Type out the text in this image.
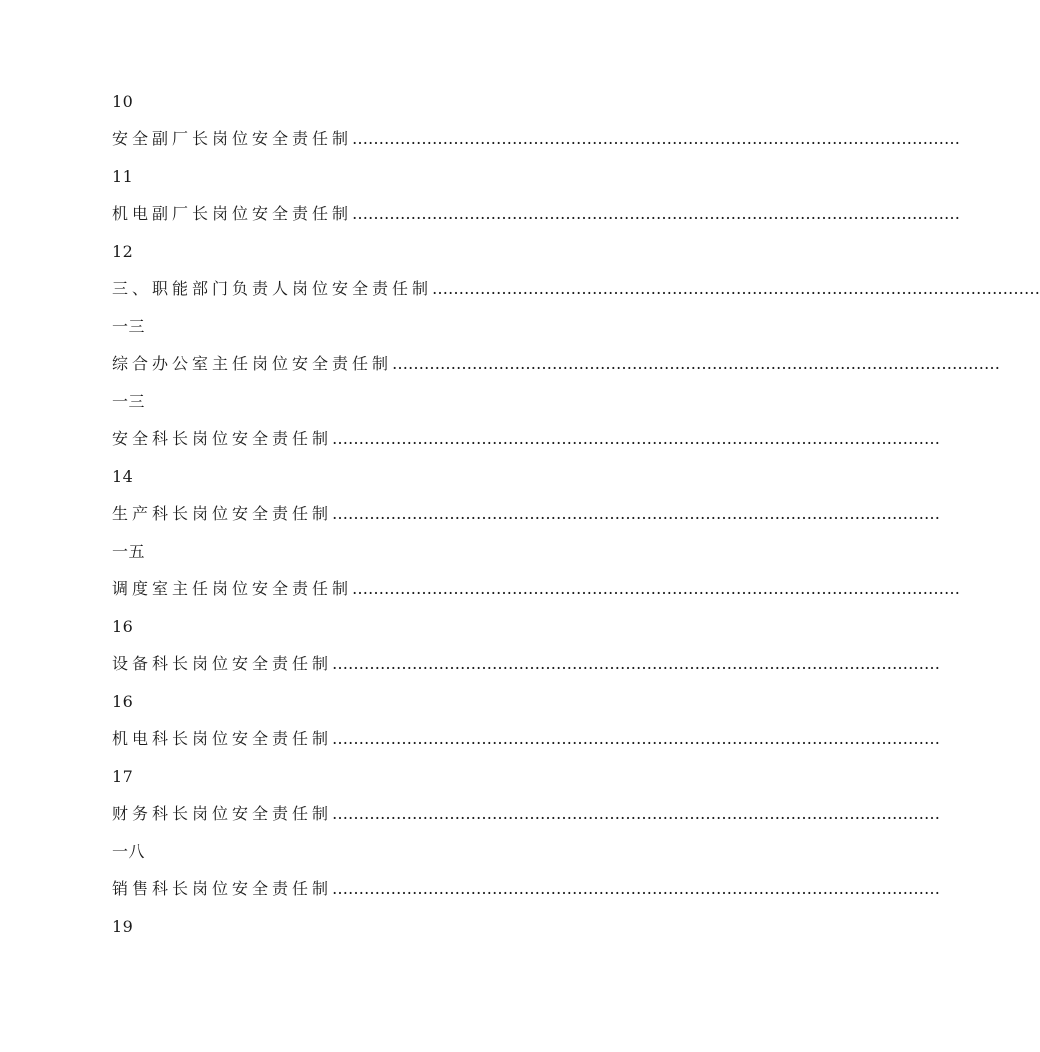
10
安全副厂长岗位安全责任制 ……………………………………………………………………………………………………
11
机电副厂长岗位安全责任制 ……………………………………………………………………………………………………
12
三、职能部门负责人岗位安全责任制 ……………………………………………………………………………………………………
一三
综合办公室主任岗位安全责任制 ……………………………………………………………………………………………………
一三
安全科长岗位安全责任制 ……………………………………………………………………………………………………
14
生产科长岗位安全责任制 ……………………………………………………………………………………………………
一五
调度室主任岗位安全责任制 ……………………………………………………………………………………………………
16
设备科长岗位安全责任制 ……………………………………………………………………………………………………
16
机电科长岗位安全责任制 ……………………………………………………………………………………………………
17
财务科长岗位安全责任制 ……………………………………………………………………………………………………
一八
销售科长岗位安全责任制 ……………………………………………………………………………………………………
19
